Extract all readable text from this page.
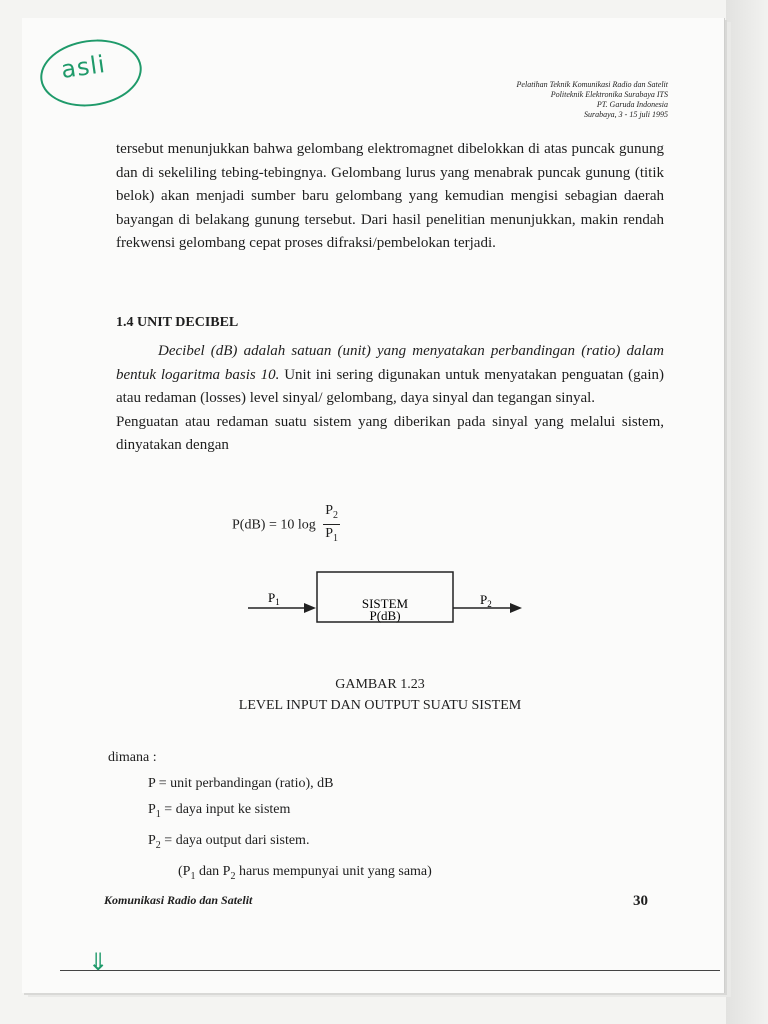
asli
Pelatihan Teknik Komunikasi Radio dan Satelit
Politeknik Elektronika Surabaya ITS
PT. Garuda Indonesia
Surabaya, 3 - 15 juli 1995
tersebut menunjukkan bahwa gelombang elektromagnet dibelokkan di atas puncak gunung dan di sekeliling tebing-tebingnya. Gelombang lurus yang menabrak puncak gunung (titik belok) akan menjadi sumber baru gelombang yang kemudian mengisi sebagian daerah bayangan di belakang gunung tersebut. Dari hasil penelitian menunjukkan, makin rendah frekwensi gelombang cepat proses difraksi/pembelokan terjadi.
1.4 UNIT DECIBEL
Decibel (dB) adalah satuan (unit) yang menyatakan perbandingan (ratio) dalam bentuk logaritma basis 10. Unit ini sering digunakan untuk menyatakan penguatan (gain) atau redaman (losses) level sinyal/ gelombang, daya sinyal dan tegangan sinyal.
Penguatan atau redaman suatu sistem yang diberikan pada sinyal yang melalui sistem, dinyatakan dengan
P(dB) = 10 $\log \frac{P_2}{P_1}$
$P_1$	SISTEM
P(dB)
$P_2$
GAMBAR 1.23
LEVEL INPUT DAN OUTPUT SUATU SISTEM
dimana :
P = unit perbandingan (ratio), dB
$P_1$ = daya input ke sistem
$P_2$ = daya output dari sistem.
($P_1$ dan $P_2$ harus mempunyai unit yang sama)
Komunikasi Radio dan Satelit	30
⇓
